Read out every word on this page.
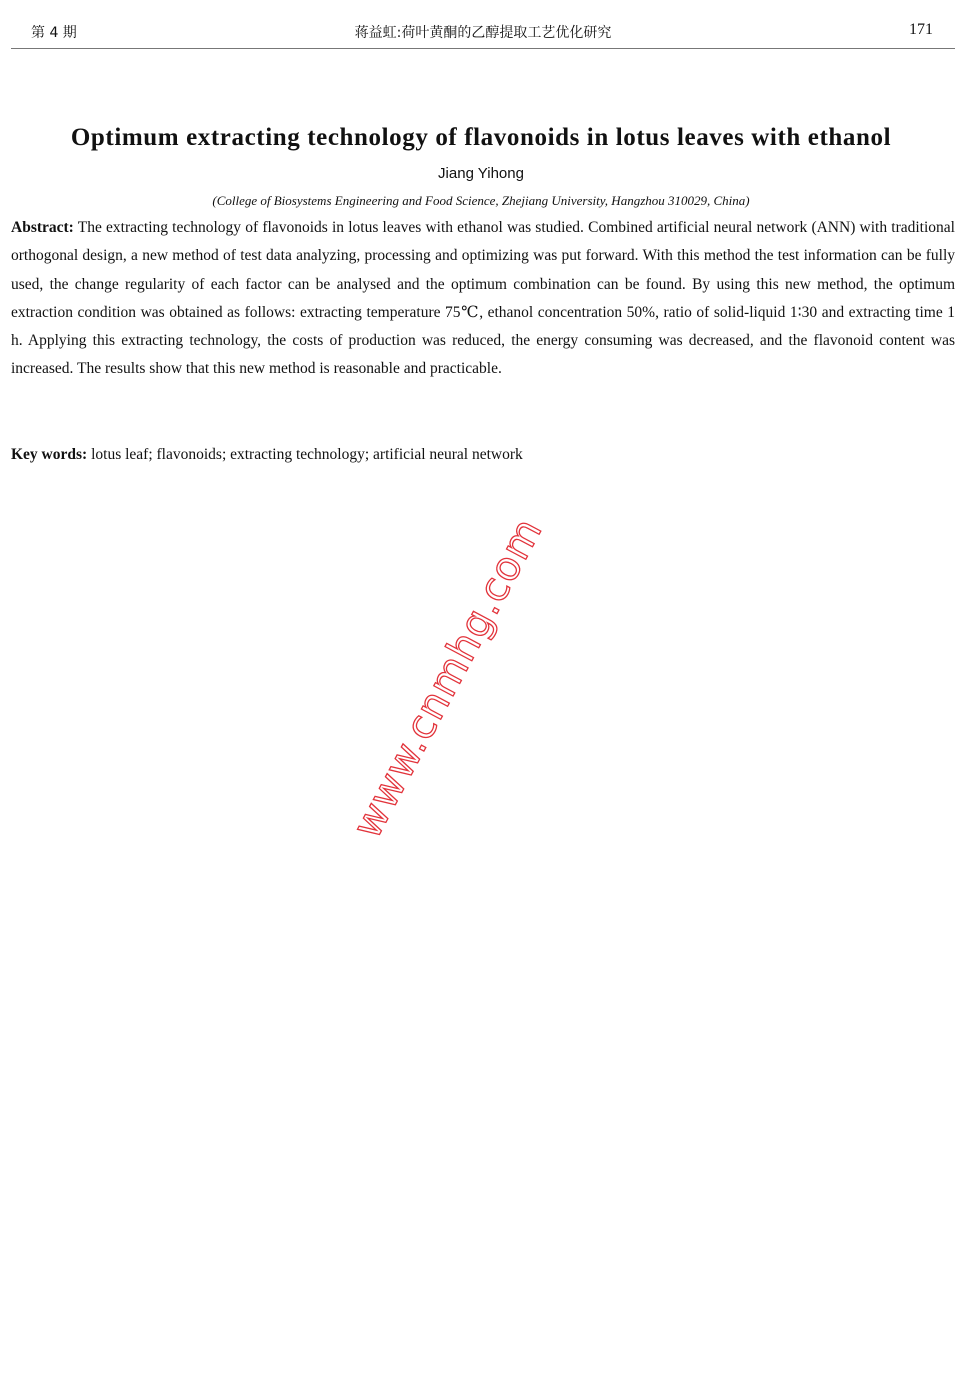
第 4 期	蒋益虹:荷叶黄酮的乙醇提取工艺优化研究	171
Optimum extracting technology of flavonoids in lotus leaves with ethanol
Jiang Yihong
(College of Biosystems Engineering and Food Science, Zhejiang University, Hangzhou 310029, China)

Abstract: The extracting technology of flavonoids in lotus leaves with ethanol was studied. Combined artificial neural network (ANN) with traditional orthogonal design, a new method of test data analyzing, processing and optimizing was put forward. With this method the test information can be fully used, the change regularity of each factor can be analysed and the optimum combination can be found. By using this new method, the optimum extraction condition was obtained as follows: extracting temperature 75℃, ethanol concentration 50%, ratio of solid-liquid 1∶30 and extracting time 1 h. Applying this extracting technology, the costs of production was reduced, the energy consuming was decreased, and the flavonoid content was increased. The results show that this new method is reasonable and practicable.

Key words: lotus leaf; flavonoids; extracting technology; artificial neural network

www.cnmhg.com
